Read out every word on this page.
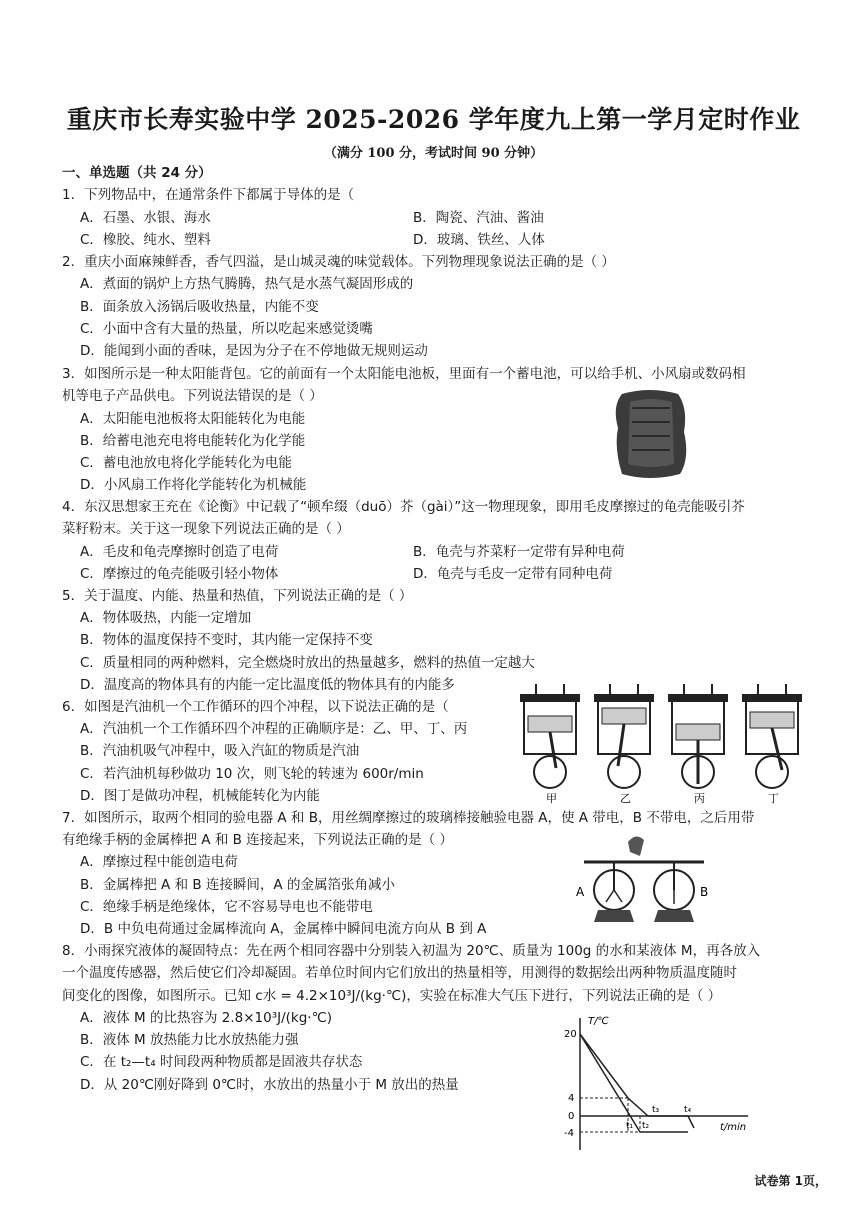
重庆市长寿实验中学 2025-2026 学年度九上第一学月定时作业
（满分 100 分，考试时间 90 分钟）
一、单选题（共 24 分）
1．下列物品中，在通常条件下都属于导体的是（
A．石墨、水银、海水	B．陶瓷、汽油、酱油
C．橡胶、纯水、塑料	D．玻璃、铁丝、人体
2．重庆小面麻辣鲜香，香气四溢，是山城灵魂的味觉载体。下列物理现象说法正确的是（ ）
A．煮面的锅炉上方热气腾腾，热气是水蒸气凝固形成的
B．面条放入汤锅后吸收热量，内能不变
C．小面中含有大量的热量，所以吃起来感觉烫嘴
D．能闻到小面的香味，是因为分子在不停地做无规则运动
3．如图所示是一种太阳能背包。它的前面有一个太阳能电池板，里面有一个蓄电池，可以给手机、小风扇或数码相
机等电子产品供电。下列说法错误的是（ ）
A．太阳能电池板将太阳能转化为电能
B．给蓄电池充电将电能转化为化学能
C．蓄电池放电将化学能转化为电能
D．小风扇工作将化学能转化为机械能
4．东汉思想家王充在《论衡》中记载了“顿牟缀（duō）芥（gài）”这一物理现象，即用毛皮摩擦过的龟壳能吸引芥
菜籽粉末。关于这一现象下列说法正确的是（ ）
A．毛皮和龟壳摩擦时创造了电荷	B．龟壳与芥菜籽一定带有异种电荷
C．摩擦过的龟壳能吸引轻小物体	D．龟壳与毛皮一定带有同种电荷
5．关于温度、内能、热量和热值，下列说法正确的是（ ）
A．物体吸热，内能一定增加
B．物体的温度保持不变时，其内能一定保持不变
C．质量相同的两种燃料，完全燃烧时放出的热量越多，燃料的热值一定越大
D．温度高的物体具有的内能一定比温度低的物体具有的内能多
6．如图是汽油机一个工作循环的四个冲程，以下说法正确的是（
A．汽油机一个工作循环四个冲程的正确顺序是：乙、甲、丁、丙
B．汽油机吸气冲程中，吸入汽缸的物质是汽油
C．若汽油机每秒做功 10 次，则飞轮的转速为 600r/min
D．图丁是做功冲程，机械能转化为内能	甲	乙	丙	丁
7．如图所示，取两个相同的验电器 A 和 B，用丝绸摩擦过的玻璃棒接触验电器 A，使 A 带电，B 不带电，之后用带
有绝缘手柄的金属棒把 A 和 B 连接起来，下列说法正确的是（ ）
A．摩擦过程中能创造电荷
B．金属棒把 A 和 B 连接瞬间，A 的金属箔张角减小
C．绝缘手柄是绝缘体，它不容易导电也不能带电
D．B 中负电荷通过金属棒流向 A，金属棒中瞬间电流方向从 B 到 A
A	B
8．小雨探究液体的凝固特点：先在两个相同容器中分别装入初温为 20℃、质量为 100g 的水和某液体 M，再各放入
一个温度传感器，然后使它们冷却凝固。若单位时间内它们放出的热量相等，用测得的数据绘出两种物质温度随时
间变化的图像，如图所示。已知 c水 = 4.2×10³J/(kg·℃)，实验在标准大气压下进行，下列说法正确的是（ ）
A．液体 M 的比热容为 2.8×10³J/(kg·℃)
B．液体 M 放热能力比水放热能力强
C．在 t₂—t₄ 时间段两种物质都是固液共存状态
D．从 20℃刚好降到 0℃时，水放出的热量小于 M 放出的热量
T/℃
t/min
20
4
0
-4
t₁ t₂
t₃	t₄
试卷第 1页，
